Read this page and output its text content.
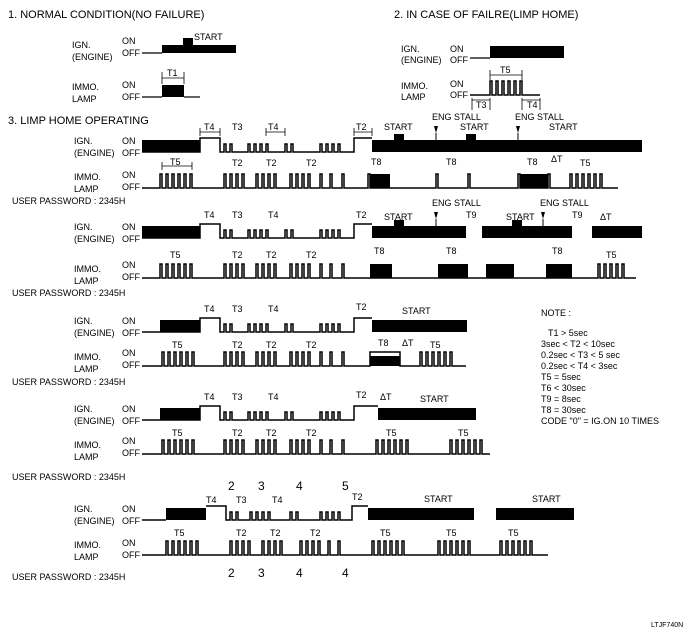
1. NORMAL CONDITION(NO FAILURE)	2. IN CASE OF FAILRE(LIMP HOME)
3. LIMP HOME OPERATING
IGN.
(ENGINE)
ON
OFF
START
IMMO.
LAMP
ON
OFF
T1
IGN.
(ENGINE)
ON
OFF
IMMO.
LAMP
ON
OFF
T5
T3	T4
IGN.
(ENGINE)
ON
OFF
T4 T3	T4	T2 START
ENG STALL
START
ENG STALL
START
IMMO.
LAMP
ON
OFF
T5	T2	T2	T2	T8	T8	T8 ΔT T5
USER PASSWORD : 2345H
IGN.
(ENGINE)
ON
OFF
T4 T3	T4	T2 START
ENG STALL
T9	START
ENG STALL
T9 ΔT
IMMO.
LAMP
ON
OFF
T5	T2	T2	T2	T8	T8	T8	T5
USER PASSWORD : 2345H
IGN.
(ENGINE)
ON
OFF
T4 T3	T4	T2	START
IMMO.
LAMP
ON
OFF
T5	T2	T2	T2	T8 ΔT T5
USER PASSWORD : 2345H
IGN.
(ENGINE)
ON
OFF
T4 T3	T4	T2 ΔT	START
IMMO.
LAMP
ON
OFF
T5	T2	T2	T2	T5	T5
USER PASSWORD : 2345H
2 3	4	5
IGN.
(ENGINE)
ON
OFF
T4 T3	T4	T2	START	START
IMMO.
LAMP
ON
OFF
T5	T2	T2	T2	T5	T5	T5
2 3	4	4
USER PASSWORD : 2345H
NOTE :
T1 > 5sec
3sec < T2 < 10sec
0.2sec < T3 < 5 sec
0.2sec < T4 < 3sec
T5 = 5sec
T6 < 30sec
T9 = 8sec
T8 = 30sec
CODE "0" = IG.ON 10 TIMES
LTJF740N
